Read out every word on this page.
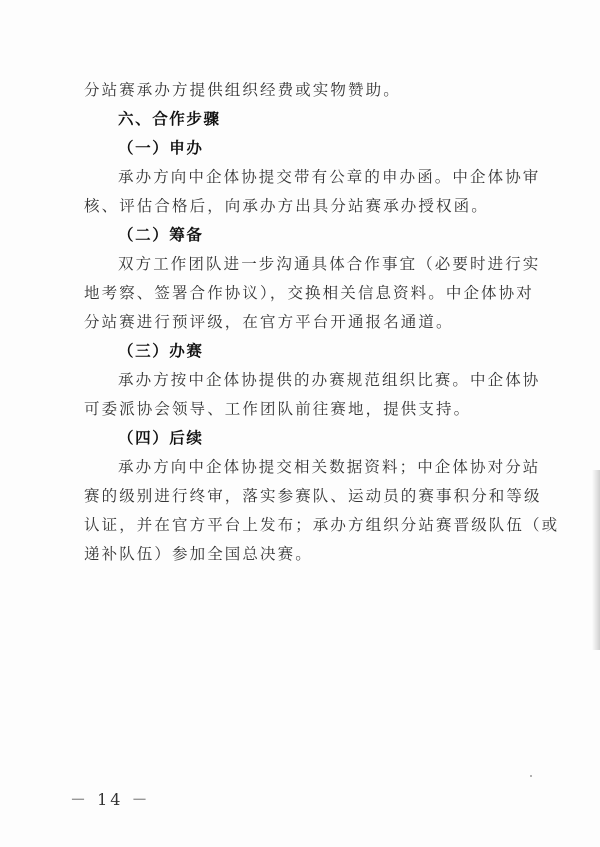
分站赛承办方提供组织经费或实物赞助。
六、合作步骤
（一）申办
承办方向中企体协提交带有公章的申办函。中企体协审
核、评估合格后，向承办方出具分站赛承办授权函。
（二）筹备
双方工作团队进一步沟通具体合作事宜（必要时进行实
地考察、签署合作协议），交换相关信息资料。中企体协对
分站赛进行预评级，在官方平台开通报名通道。
（三）办赛
承办方按中企体协提供的办赛规范组织比赛。中企体协
可委派协会领导、工作团队前往赛地，提供支持。
（四）后续
承办方向中企体协提交相关数据资料；中企体协对分站
赛的级别进行终审，落实参赛队、运动员的赛事积分和等级
认证，并在官方平台上发布；承办方组织分站赛晋级队伍（或
递补队伍）参加全国总决赛。
－ 14 －
